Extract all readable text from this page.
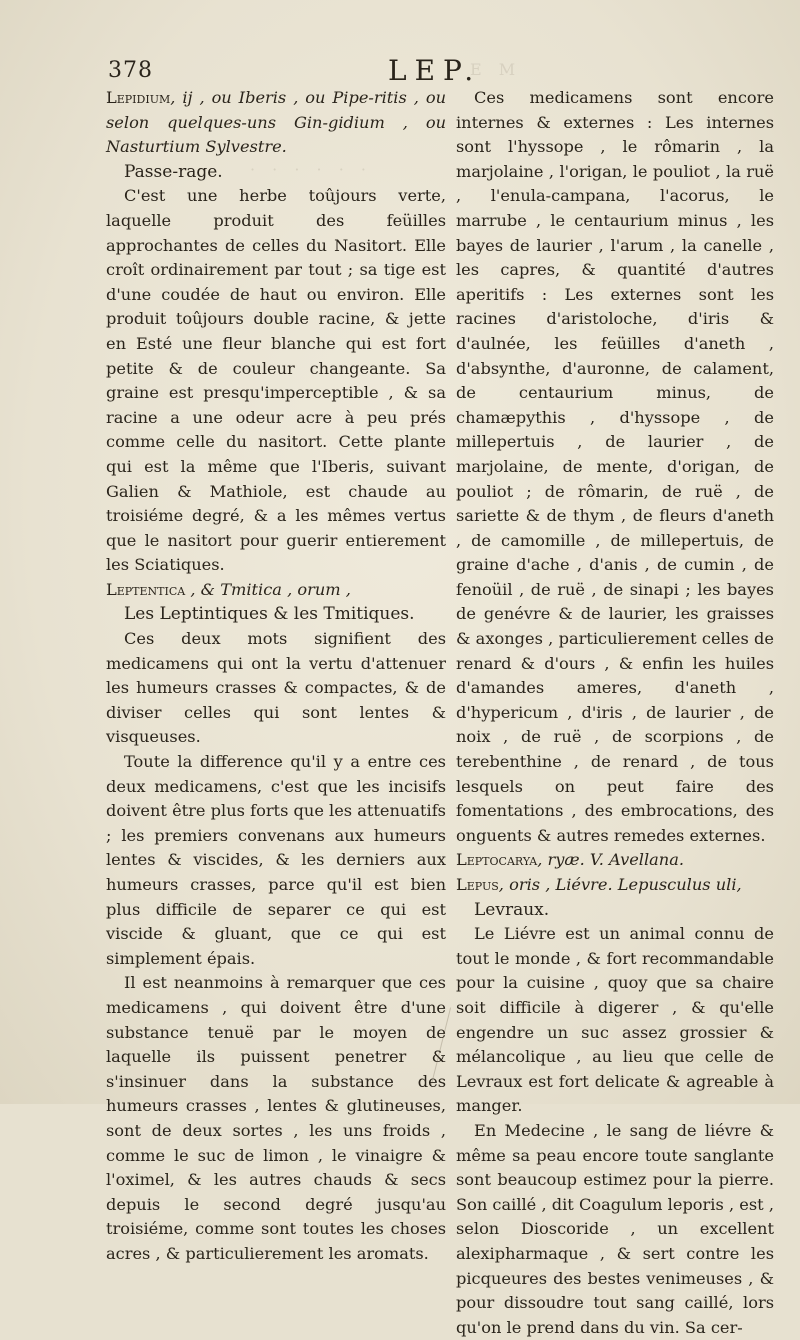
E M
· · · · · ·
378	LEP.

Lepidium, ij , ou Iberis , ou Pipe-ritis , ou selon quelques-uns Gin-gidium , ou Nasturtium Sylvestre.

Passe-rage.

C'est une herbe toûjours verte, laquelle produit des feüilles approchantes de celles du Nasitort. Elle croît ordinairement par tout ; sa tige est d'une coudée de haut ou environ. Elle produit toûjours double racine, & jette en Esté une fleur blanche qui est fort petite & de couleur changeante. Sa graine est presqu'imperceptible , & sa racine a une odeur acre à peu prés comme celle du nasitort. Cette plante qui est la même que l'Iberis, suivant Galien & Mathiole, est chaude au troisiéme degré, & a les mêmes vertus que le nasitort pour guerir entierement les Sciatiques.

Leptentica , & Tmitica , orum ,

Les Leptintiques & les Tmitiques.

Ces deux mots signifient des medicamens qui ont la vertu d'attenuer les humeurs crasses & compactes, & de diviser celles qui sont lentes & visqueuses.

Toute la difference qu'il y a entre ces deux medicamens, c'est que les incisifs doivent être plus forts que les attenuatifs ; les premiers convenans aux humeurs lentes & viscides, & les derniers aux humeurs crasses, parce qu'il est bien plus difficile de separer ce qui est viscide & gluant, que ce qui est simplement épais.

Il est neanmoins à remarquer que ces medicamens , qui doivent être d'une substance tenuë par le moyen de laquelle ils puissent penetrer & s'insinuer dans la substance des humeurs crasses , lentes & glutineuses, sont de deux sortes , les uns froids , comme le suc de limon , le vinaigre & l'oximel, & les autres chauds & secs depuis le second degré jusqu'au troisiéme, comme sont toutes les choses acres , & particulierement les aromats.

Ces medicamens sont encore internes & externes : Les internes sont l'hyssope , le rômarin , la marjolaine , l'origan, le pouliot , la ruë , l'enula-campana, l'acorus, le marrube , le centaurium minus , les bayes de laurier , l'arum , la canelle , les capres, & quantité d'autres aperitifs : Les externes sont les racines d'aristoloche, d'iris & d'aulnée, les feüilles d'aneth , d'absynthe, d'auronne, de calament, de centaurium minus, de chamæpythis , d'hyssope , de millepertuis , de laurier , de marjolaine, de mente, d'origan, de pouliot ; de rômarin, de ruë , de sariette & de thym , de fleurs d'aneth , de camomille , de millepertuis, de graine d'ache , d'anis , de cumin , de fenoüil , de ruë , de sinapi ; les bayes de genévre & de laurier, les graisses & axonges , particulierement celles de renard & d'ours , & enfin les huiles d'amandes ameres, d'aneth , d'hypericum , d'iris , de laurier , de noix , de ruë , de scorpions , de terebenthine , de renard , de tous lesquels on peut faire des fomentations , des embrocations, des onguents & autres remedes externes.

Leptocarya, ryæ. V. Avellana.

Lepus, oris , Liévre. Lepusculus uli,

Levraux.

Le Liévre est un animal connu de tout le monde , & fort recommandable pour la cuisine , quoy que sa chaire soit difficile à digerer , & qu'elle engendre un suc assez grossier & mélancolique , au lieu que celle de Levraux est fort delicate & agreable à manger.

En Medecine , le sang de liévre & même sa peau encore toute sanglante sont beaucoup estimez pour la pierre. Son caillé , dit Coagulum leporis , est , selon Dioscoride , un excellent alexipharmaque , & sert contre les picqueures des bestes venimeuses , & pour dissoudre tout sang caillé, lors qu'on le prend dans du vin. Sa cer-
